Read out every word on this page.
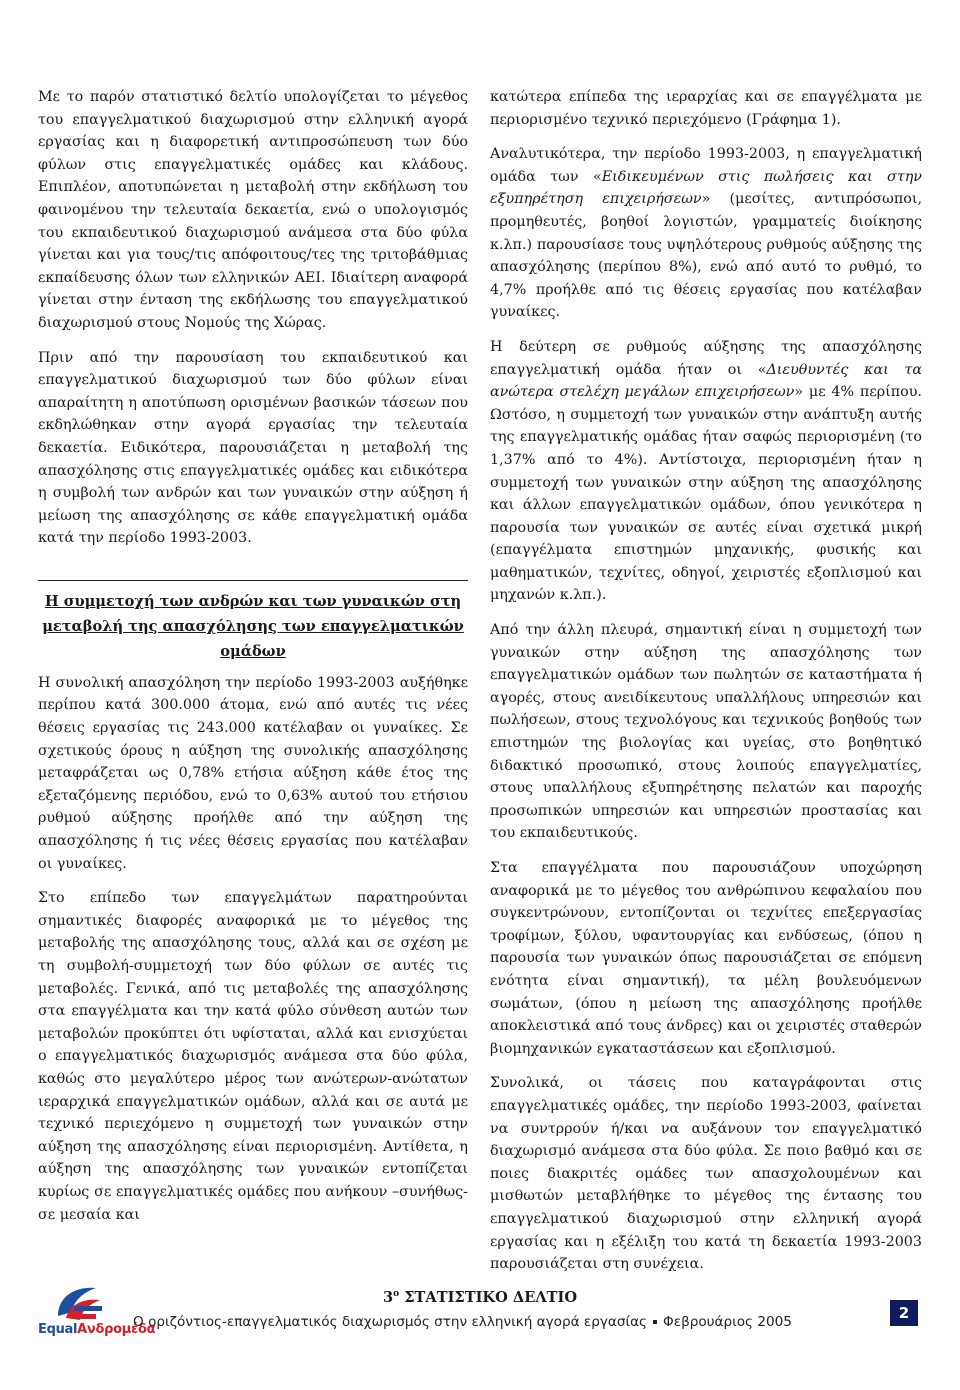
Με το παρόν στατιστικό δελτίο υπολογίζεται το μέγεθος του επαγγελματικού διαχωρισμού στην ελληνική αγορά εργασίας και η διαφορετική αντιπροσώπευση των δύο φύλων στις επαγγελματικές ομάδες και κλάδους. Επιπλέον, αποτυπώνεται η μεταβολή στην εκδήλωση του φαινομένου την τελευταία δεκαετία, ενώ ο υπολογισμός του εκπαιδευτικού διαχωρισμού ανάμεσα στα δύο φύλα γίνεται και για τους/τις απόφοιτους/τες της τριτοβάθμιας εκπαίδευσης όλων των ελληνικών ΑΕΙ. Ιδιαίτερη αναφορά γίνεται στην ένταση της εκδήλωσης του επαγγελματικού διαχωρισμού στους Νομούς της Χώρας.

Πριν από την παρουσίαση του εκπαιδευτικού και επαγγελματικού διαχωρισμού των δύο φύλων είναι απαραίτητη η αποτύπωση ορισμένων βασικών τάσεων που εκδηλώθηκαν στην αγορά εργασίας την τελευταία δεκαετία. Ειδικότερα, παρουσιάζεται η μεταβολή της απασχόλησης στις επαγγελματικές ομάδες και ειδικότερα η συμβολή των ανδρών και των γυναικών στην αύξηση ή μείωση της απασχόλησης σε κάθε επαγγελματική ομάδα κατά την περίοδο 1993-2003.

Η συμμετοχή των ανδρών και των γυναικών στη μεταβολή της απασχόλησης των επαγγελματικών ομάδων

Η συνολική απασχόληση την περίοδο 1993-2003 αυξήθηκε περίπου κατά 300.000 άτομα, ενώ από αυτές τις νέες θέσεις εργασίας τις 243.000 κατέλαβαν οι γυναίκες. Σε σχετικούς όρους η αύξηση της συνολικής απασχόλησης μεταφράζεται ως 0,78% ετήσια αύξηση κάθε έτος της εξεταζόμενης περιόδου, ενώ το 0,63% αυτού του ετήσιου ρυθμού αύξησης προήλθε από την αύξηση της απασχόλησης ή τις νέες θέσεις εργασίας που κατέλαβαν οι γυναίκες.

Στο επίπεδο των επαγγελμάτων παρατηρούνται σημαντικές διαφορές αναφορικά με το μέγεθος της μεταβολής της απασχόλησης τους, αλλά και σε σχέση με τη συμβολή-συμμετοχή των δύο φύλων σε αυτές τις μεταβολές. Γενικά, από τις μεταβολές της απασχόλησης στα επαγγέλματα και την κατά φύλο σύνθεση αυτών των μεταβολών προκύπτει ότι υφίσταται, αλλά και ενισχύεται ο επαγγελματικός διαχωρισμός ανάμεσα στα δύο φύλα, καθώς στο μεγαλύτερο μέρος των ανώτερων-ανώτατων ιεραρχικά επαγγελματικών ομάδων, αλλά και σε αυτά με τεχνικό περιεχόμενο η συμμετοχή των γυναικών στην αύξηση της απασχόλησης είναι περιορισμένη. Αντίθετα, η αύξηση της απασχόλησης των γυναικών εντοπίζεται κυρίως σε επαγγελματικές ομάδες που ανήκουν –συνήθως- σε μεσαία και

κατώτερα επίπεδα της ιεραρχίας και σε επαγγέλματα με περιορισμένο τεχνικό περιεχόμενο (Γράφημα 1).

Αναλυτικότερα, την περίοδο 1993-2003, η επαγγελματική ομάδα των «Ειδικευμένων στις πωλήσεις και στην εξυπηρέτηση επιχειρήσεων» (μεσίτες, αντιπρόσωποι, προμηθευτές, βοηθοί λογιστών, γραμματείς διοίκησης κ.λπ.) παρουσίασε τους υψηλότερους ρυθμούς αύξησης της απασχόλησης (περίπου 8%), ενώ από αυτό το ρυθμό, το 4,7% προήλθε από τις θέσεις εργασίας που κατέλαβαν γυναίκες.

Η δεύτερη σε ρυθμούς αύξησης της απασχόλησης επαγγελματική ομάδα ήταν οι «Διευθυντές και τα ανώτερα στελέχη μεγάλων επιχειρήσεων» με 4% περίπου. Ωστόσο, η συμμετοχή των γυναικών στην ανάπτυξη αυτής της επαγγελματικής ομάδας ήταν σαφώς περιορισμένη (το 1,37% από το 4%). Αντίστοιχα, περιορισμένη ήταν η συμμετοχή των γυναικών στην αύξηση της απασχόλησης και άλλων επαγγελματικών ομάδων, όπου γενικότερα η παρουσία των γυναικών σε αυτές είναι σχετικά μικρή (επαγγέλματα επιστημών μηχανικής, φυσικής και μαθηματικών, τεχνίτες, οδηγοί, χειριστές εξοπλισμού και μηχανών κ.λπ.).

Από την άλλη πλευρά, σημαντική είναι η συμμετοχή των γυναικών στην αύξηση της απασχόλησης των επαγγελματικών ομάδων των πωλητών σε καταστήματα ή αγορές, στους ανειδίκευτους υπαλλήλους υπηρεσιών και πωλήσεων, στους τεχνολόγους και τεχνικούς βοηθούς των επιστημών της βιολογίας και υγείας, στο βοηθητικό διδακτικό προσωπικό, στους λοιπούς επαγγελματίες, στους υπαλλήλους εξυπηρέτησης πελατών και παροχής προσωπικών υπηρεσιών και υπηρεσιών προστασίας και του εκπαιδευτικούς.

Στα επαγγέλματα που παρουσιάζουν υποχώρηση αναφορικά με το μέγεθος του ανθρώπινου κεφαλαίου που συγκεντρώνουν, εντοπίζονται οι τεχνίτες επεξεργασίας τροφίμων, ξύλου, υφαντουργίας και ενδύσεως, (όπου η παρουσία των γυναικών όπως παρουσιάζεται σε επόμενη ενότητα είναι σημαντική), τα μέλη βουλευόμενων σωμάτων, (όπου η μείωση της απασχόλησης προήλθε αποκλειστικά από τους άνδρες) και οι χειριστές σταθερών βιομηχανικών εγκαταστάσεων και εξοπλισμού.

Συνολικά, οι τάσεις που καταγράφονται στις επαγγελματικές ομάδες, την περίοδο 1993-2003, φαίνεται να συντρρούν ή/και να αυξάνουν τον επαγγελματικό διαχωρισμό ανάμεσα στα δύο φύλα. Σε ποιο βαθμό και σε ποιες διακριτές ομάδες των απασχολουμένων και μισθωτών μεταβλήθηκε το μέγεθος της έντασης του επαγγελματικού διαχωρισμού στην ελληνική αγορά εργασίας και η εξέλιξη του κατά τη δεκαετία 1993-2003 παρουσιάζεται στη συνέχεια.

EqualΑνδρομέδα
$3^o$ ΣΤΑΤΙΣΤΙΚΟ ΔΕΛΤΙΟ
Ο οριζόντιος-επαγγελματικός διαχωρισμός στην ελληνική αγορά εργασίας Φεβρουάριος 2005	2
